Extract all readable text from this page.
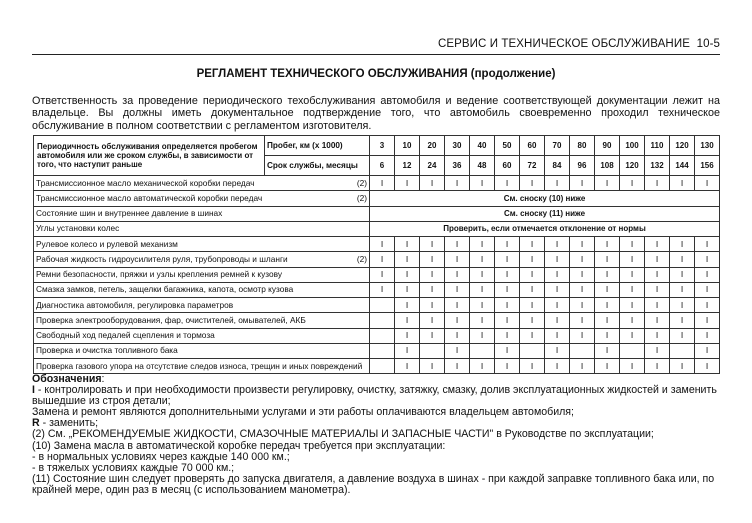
СЕРВИС И ТЕХНИЧЕСКОЕ ОБСЛУЖИВАНИЕ 10-5
РЕГЛАМЕНТ ТЕХНИЧЕСКОГО ОБСЛУЖИВАНИЯ (продолжение)
Ответственность за проведение периодического техобслуживания автомобиля и ведение соответствующей документации лежит на владельце. Вы должны иметь документальное подтверждение того, что автомобиль своевременно проходил техническое обслуживание в полном соответствии с регламентом изготовителя.
Периодичность обслуживания определяется пробегом автомобиля или же сроком службы, в зависимости от того, что наступит раньше	Пробег, км (х 1000)	3	10	20	30	40	50	60	70	80	90	100	110	120	130
	Срок службы, месяцы	6	12	24	36	48	60	72	84	96	108	120	132	144	156

Трансмиссионное масло механической коробки передач (2)		I	I	I	I	I	I	I	I	I	I	I	I	I	I

Трансмиссионное масло автоматической коробки передач (2)		См. сноску (10) ниже													

Состояние шин и внутреннее давление в шинах		См. сноску (11) ниже													

Углы установки колес		Проверить, если отмечается отклонение от нормы													

Рулевое колесо и рулевой механизм		I	I	I	I	I	I	I	I	I	I	I	I	I	I

Рабочая жидкость гидроусилителя руля, трубопроводы и шланги (2)		I	I	I	I	I	I	I	I	I	I	I	I	I	I

Ремни безопасности, пряжки и узлы крепления ремней к кузову		I	I	I	I	I	I	I	I	I	I	I	I	I	I

Смазка замков, петель, защелки багажника, капота, осмотр кузова		I	I	I	I	I	I	I	I	I	I	I	I	I	I

Диагностика автомобиля, регулировка параметров			I	I	I	I	I	I	I	I	I	I	I	I	I

Проверка электрооборудования, фар, очистителей, омывателей, АКБ			I	I	I	I	I	I	I	I	I	I	I	I	I

Свободный ход педалей сцепления и тормоза			I	I	I	I	I	I	I	I	I	I	I	I	I

Проверка и очистка топливного бака			I		I		I		I		I		I		I

Проверка газового упора на отсутствие следов износа, трещин и иных повреждений			I	I	I	I	I	I	I	I	I	I	I	I	I

Обозначения:

I - контролировать и при необходимости произвести регулировку, очистку, затяжку, смазку, долив эксплуатационных жидкостей и заменить вышедшие из строя детали;

Замена и ремонт являются дополнительными услугами и эти работы оплачиваются владельцем автомобиля;

R - заменить;

(2) См. „РЕКОМЕНДУЕМЫЕ ЖИДКОСТИ, СМАЗОЧНЫЕ МАТЕРИАЛЫ И ЗАПАСНЫЕ ЧАСТИ" в Руководстве по эксплуатации;

(10) Замена масла в автоматической коробке передач требуется при эксплуатации:

- в нормальных условиях через каждые 140 000 км.;

- в тяжелых условиях каждые 70 000 км.;

(11) Состояние шин следует проверять до запуска двигателя, а давление воздуха в шинах - при каждой заправке топливного бака или, по крайней мере, один раз в месяц (с использованием манометра).
